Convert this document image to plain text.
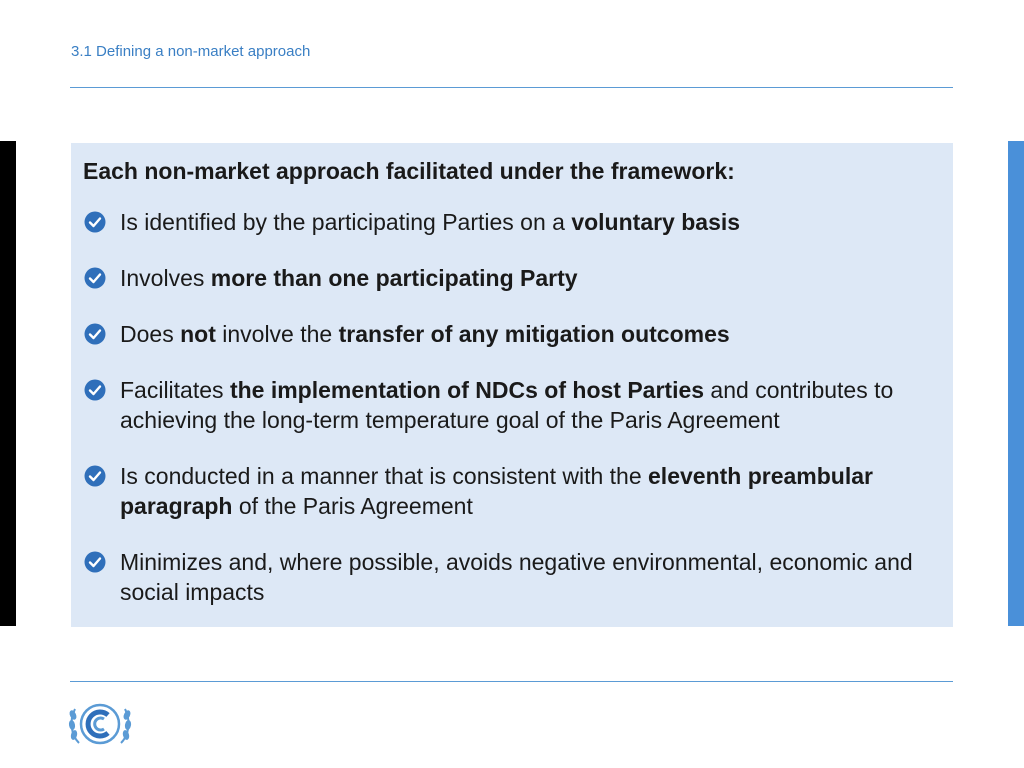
3.1 Defining a non-market approach
Each non-market approach facilitated under the framework:
Is identified by the participating Parties on a voluntary basis
Involves more than one participating Party
Does not involve the transfer of any mitigation outcomes
Facilitates the implementation of NDCs of host Parties and contributes to achieving the long-term temperature goal of the Paris Agreement
Is conducted in a manner that is consistent with the eleventh preambular paragraph of the Paris Agreement
Minimizes and, where possible, avoids negative environmental, economic and social impacts
